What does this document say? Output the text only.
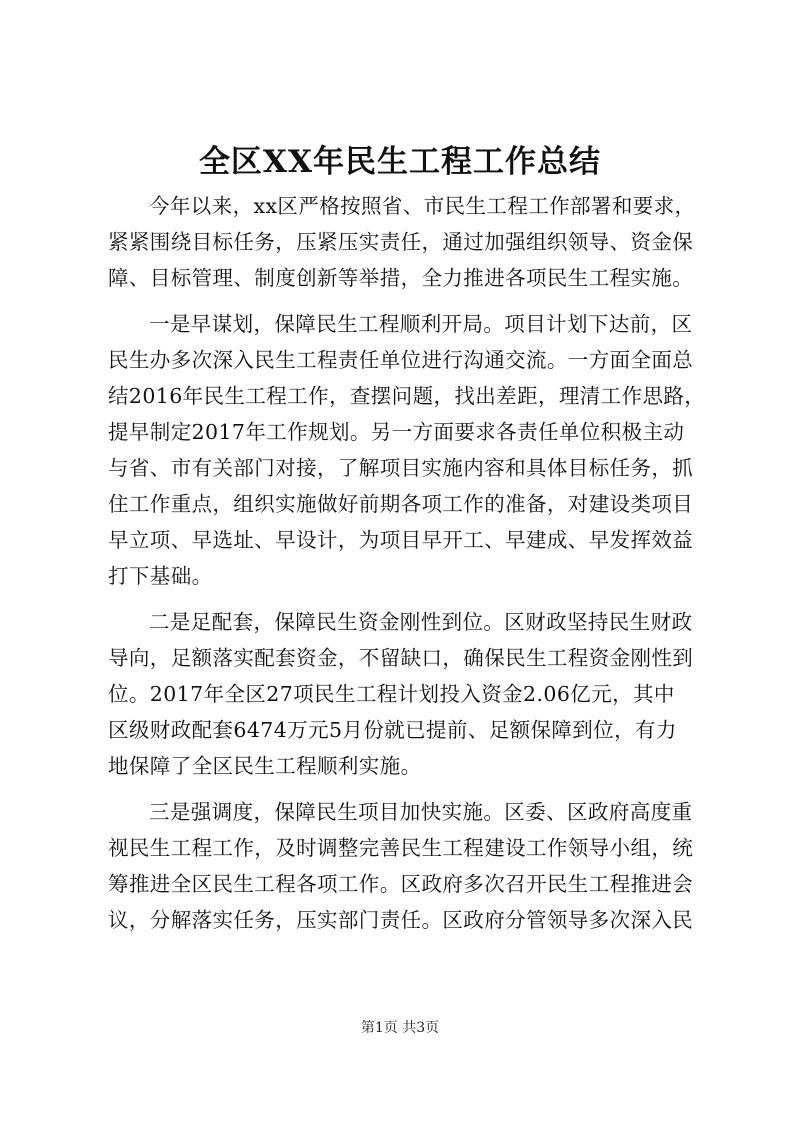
全区XX年民生工程工作总结

今年以来，xx区严格按照省、市民生工程工作部署和要求，
紧紧围绕目标任务，压紧压实责任，通过加强组织领导、资金保
障、目标管理、制度创新等举措，全力推进各项民生工程实施。

一是早谋划，保障民生工程顺利开局。项目计划下达前，区
民生办多次深入民生工程责任单位进行沟通交流。一方面全面总
结2016年民生工程工作，查摆问题，找出差距，理清工作思路，
提早制定2017年工作规划。另一方面要求各责任单位积极主动
与省、市有关部门对接，了解项目实施内容和具体目标任务，抓
住工作重点，组织实施做好前期各项工作的准备，对建设类项目
早立项、早选址、早设计，为项目早开工、早建成、早发挥效益
打下基础。

二是足配套，保障民生资金刚性到位。区财政坚持民生财政
导向，足额落实配套资金，不留缺口，确保民生工程资金刚性到
位。2017年全区27项民生工程计划投入资金2.06亿元，其中
区级财政配套6474万元5月份就已提前、足额保障到位，有力
地保障了全区民生工程顺利实施。

三是强调度，保障民生项目加快实施。区委、区政府高度重
视民生工程工作，及时调整完善民生工程建设工作领导小组，统
筹推进全区民生工程各项工作。区政府多次召开民生工程推进会
议，分解落实任务，压实部门责任。区政府分管领导多次深入民

第1页 共3页
